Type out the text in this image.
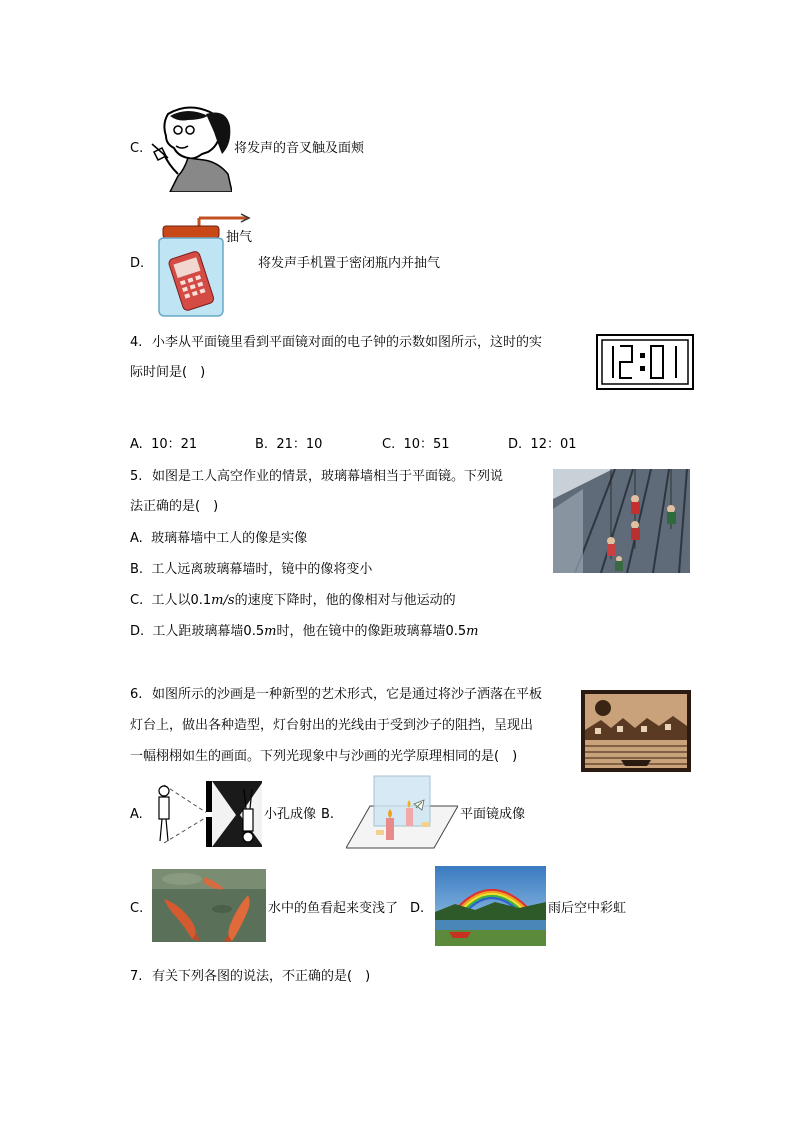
C.	将发声的音叉触及面颊
D.
抽气
将发声手机置于密闭瓶内并抽气
4. 小李从平面镜里看到平面镜对面的电子钟的示数如图所示，这时的实
际时间是(　)
A. 10：21	B. 21：10	C. 10：51	D. 12：01
5. 如图是工人高空作业的情景，玻璃幕墙相当于平面镜。下列说
法正确的是(　)
A. 玻璃幕墙中工人的像是实像
B. 工人远离玻璃幕墙时，镜中的像将变小
C. 工人以0.1m/s的速度下降时，他的像相对与他运动的
D. 工人距玻璃幕墙0.5m时，他在镜中的像距玻璃幕墙0.5m
6. 如图所示的沙画是一种新型的艺术形式，它是通过将沙子洒落在平板
灯台上，做出各种造型，灯台射出的光线由于受到沙子的阻挡，呈现出
一幅栩栩如生的画面。下列光现象中与沙画的光学原理相同的是(　)
A.	小孔成像 B.	平面镜成像
C.	水中的鱼看起来变浅了 D.	雨后空中彩虹
7. 有关下列各图的说法，不正确的是(　)
